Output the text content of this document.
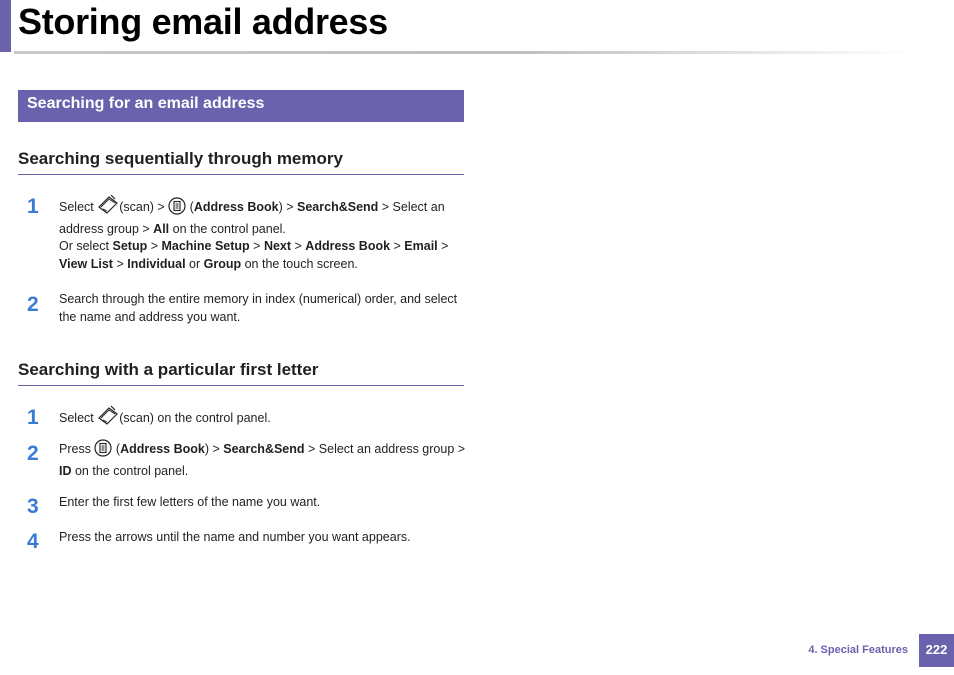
Storing email address
Searching for an email address
Searching sequentially through memory
1 Select (scan) >  (Address Book) > Search&Send > Select an address group > All on the control panel.
Or select Setup > Machine Setup > Next > Address Book > Email > View List > Individual or Group on the touch screen.
2 Search through the entire memory in index (numerical) order, and select the name and address you want.
Searching with a particular first letter
1 Select (scan) on the control panel.
2 Press  (Address Book) > Search&Send > Select an address group > ID on the control panel.
3 Enter the first few letters of the name you want.
4 Press the arrows until the name and number you want appears.
4. Special Features	222
